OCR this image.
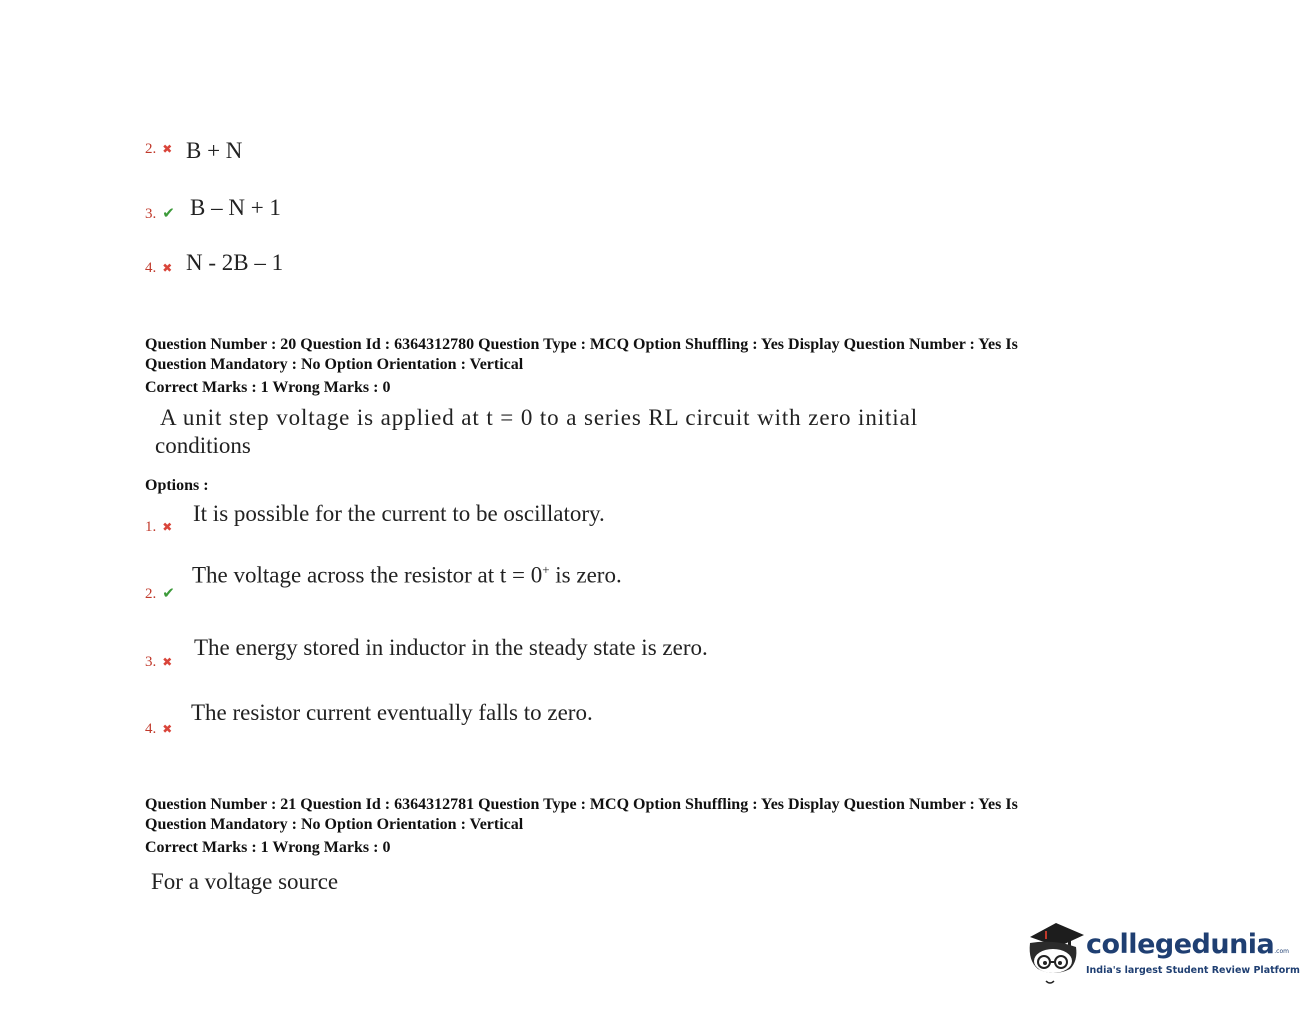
2. ✖ B + N
3. ✔ B – N + 1
4. ✖ N - 2B – 1
Question Number : 20 Question Id : 6364312780 Question Type : MCQ Option Shuffling : Yes Display Question Number : Yes Is
Question Mandatory : No Option Orientation : Vertical
Correct Marks : 1 Wrong Marks : 0
A unit step voltage is applied at t = 0 to a series RL circuit with zero initial
conditions
Options :
1. ✖
It is possible for the current to be oscillatory.
2. ✔
The voltage across the resistor at t = 0+ is zero.
3. ✖
The energy stored in inductor in the steady state is zero.
4. ✖
The resistor current eventually falls to zero.
Question Number : 21 Question Id : 6364312781 Question Type : MCQ Option Shuffling : Yes Display Question Number : Yes Is
Question Mandatory : No Option Orientation : Vertical
Correct Marks : 1 Wrong Marks : 0
For a voltage source
collegedunia.com
India's largest Student Review Platform
